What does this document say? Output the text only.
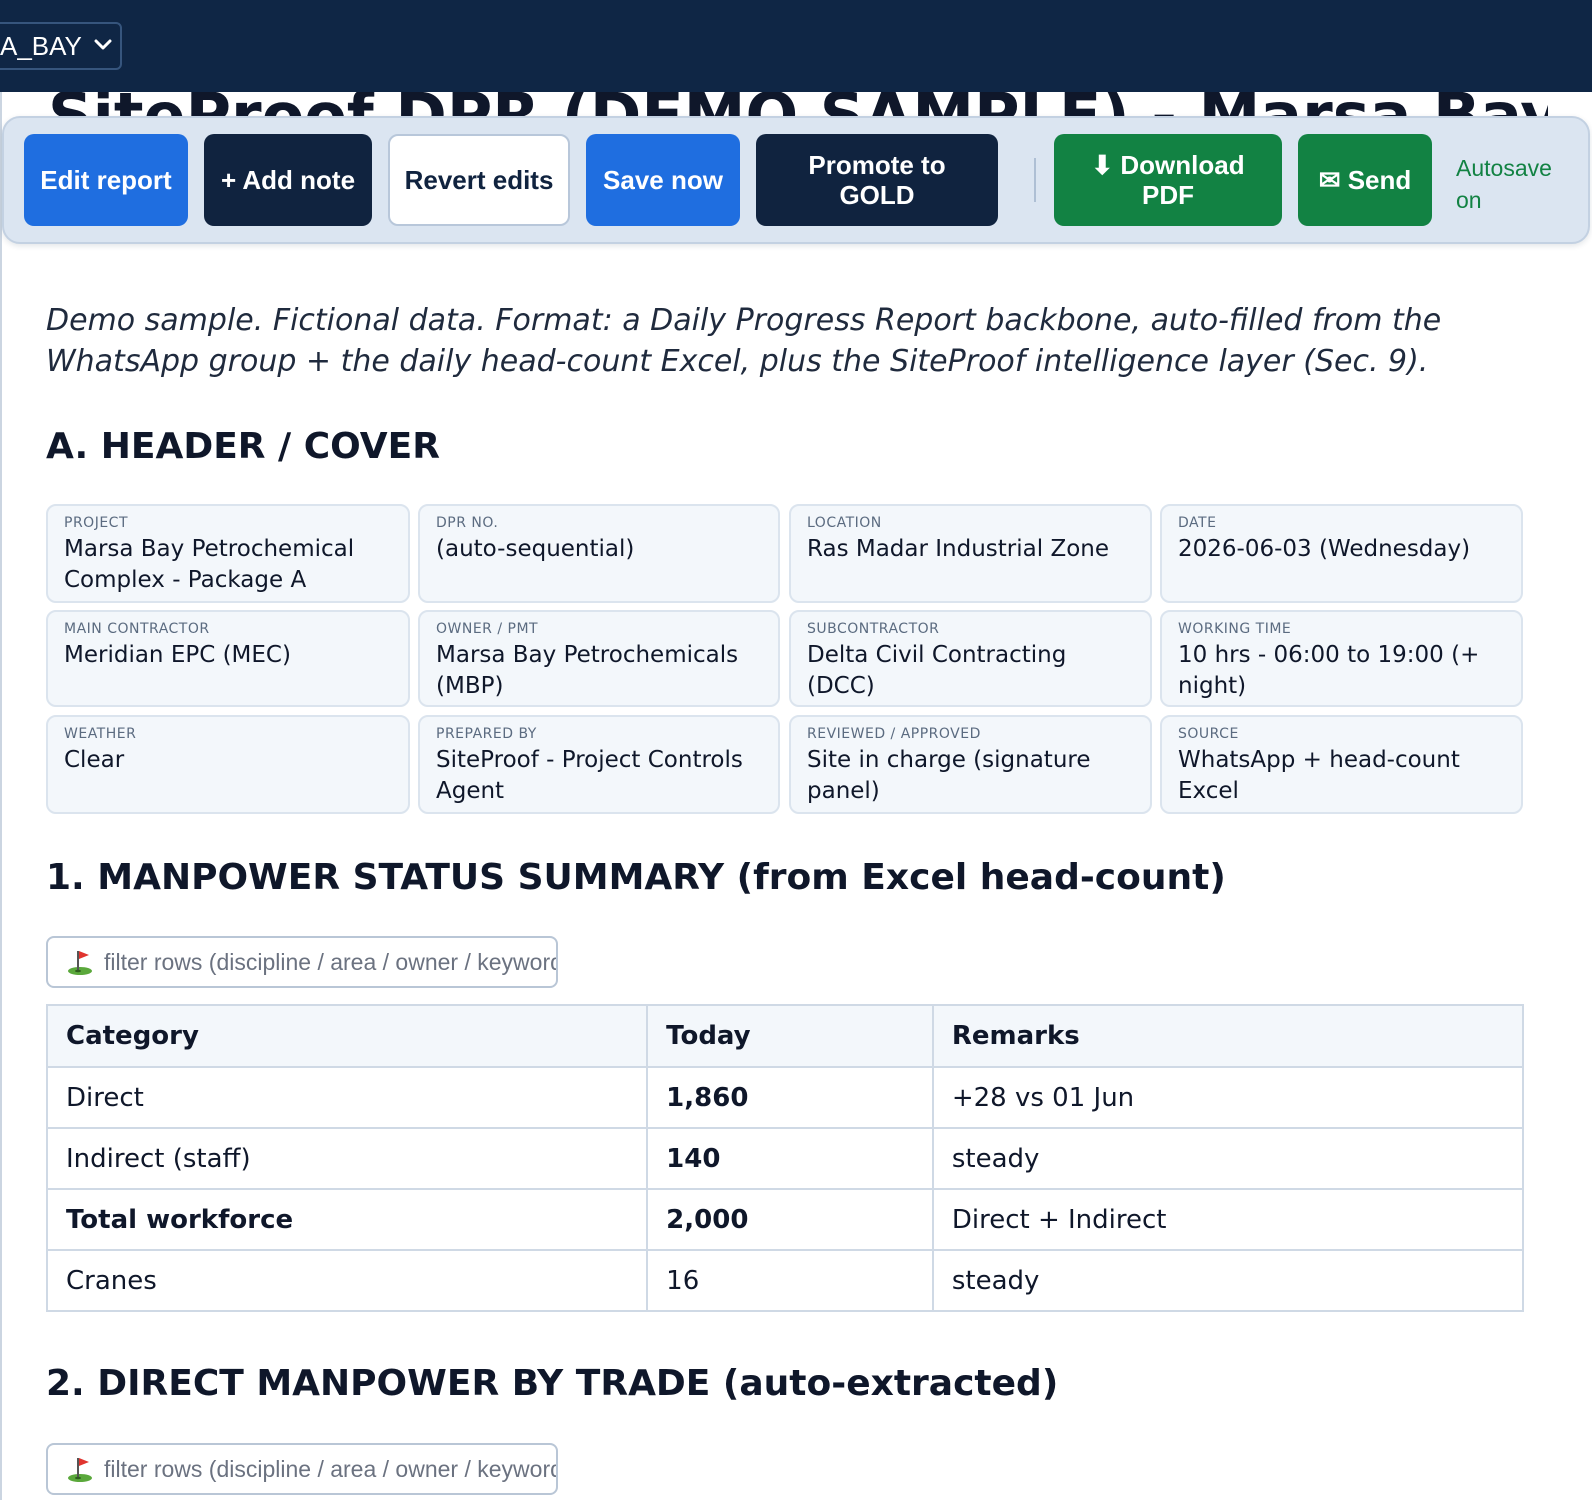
A_BAY
Edit report	+ Add note	Revert edits	Save now	Promote to GOLD
⬇ Download PDF	✉ Send	Autosave on

Demo sample. Fictional data. Format: a Daily Progress Report backbone, auto-filled from the WhatsApp group + the daily head-count Excel, plus the SiteProof intelligence layer (Sec. 9).

A. HEADER / COVER
PROJECT
Marsa Bay Petrochemical Complex - Package A
DPR NO.
(auto-sequential)
LOCATION
Ras Madar Industrial Zone
DATE
2026-06-03 (Wednesday)
MAIN CONTRACTOR
Meridian EPC (MEC)
OWNER / PMT
Marsa Bay Petrochemicals (MBP)
SUBCONTRACTOR
Delta Civil Contracting (DCC)
WORKING TIME
10 hrs - 06:00 to 19:00 (+ night)
WEATHER
Clear
PREPARED BY
SiteProof - Project Controls Agent
REVIEWED / APPROVED
Site in charge (signature panel)
SOURCE
WhatsApp + head-count Excel
1. MANPOWER STATUS SUMMARY (from Excel head-count)
filter rows (discipline / area / owner / keyword)
Category	Today	Remarks
Direct	1,860	+28 vs 01 Jun
Indirect (staff)	140	steady
Total workforce	2,000	Direct + Indirect
Cranes	16	steady
2. DIRECT MANPOWER BY TRADE (auto-extracted)
filter rows (discipline / area / owner / keyword)
